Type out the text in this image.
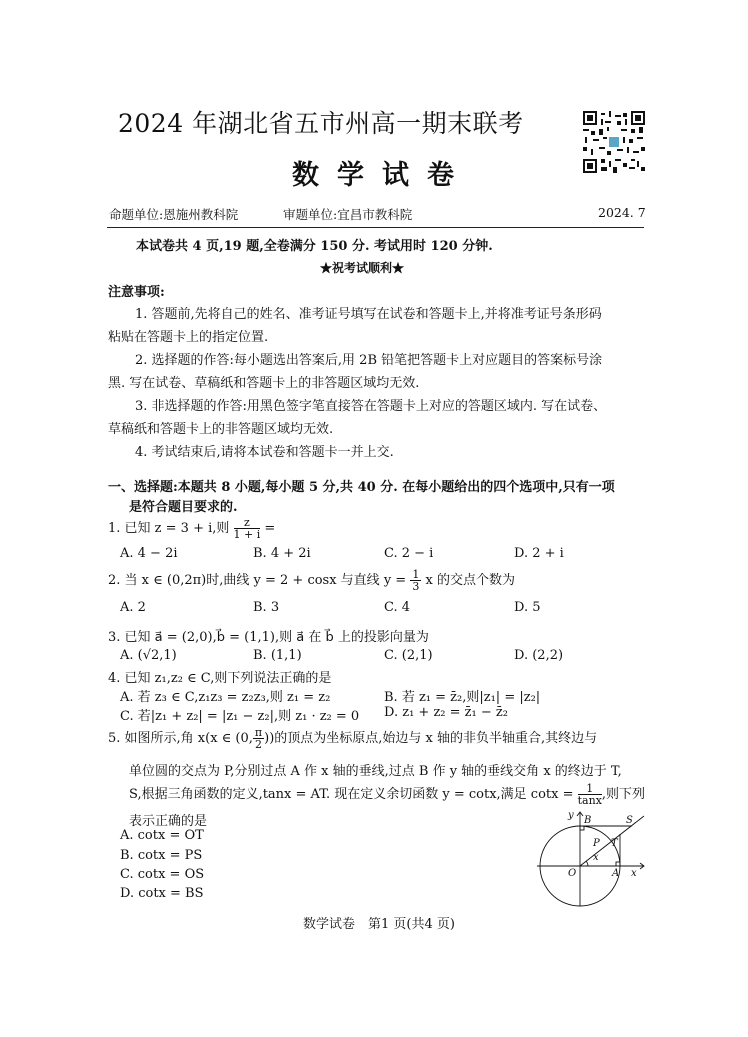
2024 年湖北省五市州高一期末联考
数学试卷
命题单位:恩施州教科院	审题单位:宜昌市教科院	2024. 7
本试卷共 4 页,19 题,全卷满分 150 分. 考试用时 120 分钟.
★祝考试顺利★
注意事项:
1. 答题前,先将自己的姓名、准考证号填写在试卷和答题卡上,并将准考证号条形码
粘贴在答题卡上的指定位置.
2. 选择题的作答:每小题选出答案后,用 2B 铅笔把答题卡上对应题目的答案标号涂
黑. 写在试卷、草稿纸和答题卡上的非答题区域均无效.
3. 非选择题的作答:用黑色签字笔直接答在答题卡上对应的答题区域内. 写在试卷、
草稿纸和答题卡上的非答题区域均无效.
4. 考试结束后,请将本试卷和答题卡一并上交.
一、选择题:本题共 8 小题,每小题 5 分,共 40 分. 在每小题给出的四个选项中,只有一项
是符合题目要求的.
1. 已知 z = 3 + i,则 $\frac{z}{1 + i}$ =
A. 4 − 2i	B. 4 + 2i	C. 2 − i	D. 2 + i
2. 当 x ∈ (0,2π)时,曲线 y = 2 + cosx 与直线 $y = \frac{1}{3}$ x 的交点个数为
A. 2	B. 3	C. 4	D. 5
3. 已知 a⃗ = (2,0),b⃗ = (1,1),则 a⃗ 在 b⃗ 上的投影向量为
A. (√2,1)	B. (1,1)	C. (2,1)	D. (2,2)
4. 已知 z₁,z₂ ∈ C,则下列说法正确的是
A. 若 z₃ ∈ C,z₁z₃ = z₂z₃,则 z₁ = z₂	B. 若 z₁ = z̄₂,则|z₁| = |z₂|
C. 若|z₁ + z₂| = |z₁ − z₂|,则 z₁ · z₂ = 0 D. z₁ + z₂ = z̄₁ − z̄₂
5. 如图所示,角 x(x ∈ (0, $\frac{\pi}{2}$ ))的顶点为坐标原点,始边与 x 轴的非负半轴重合,其终边与
单位圆的交点为 P,分别过点 A 作 x 轴的垂线,过点 B 作 y 轴的垂线交角 x 的终边于 T,
S,根据三角函数的定义,tanx = AT. 现在定义余切函数 y = cotx,满足 $\cot x = \frac{1}{\tan x}$ ,则下列
表示正确的是
A. cotx = OT
B. cotx = PS
C. cotx = OS
D. cotx = BS
y B	S
P T
x
O	A x
数学试卷　第1 页(共4 页)
